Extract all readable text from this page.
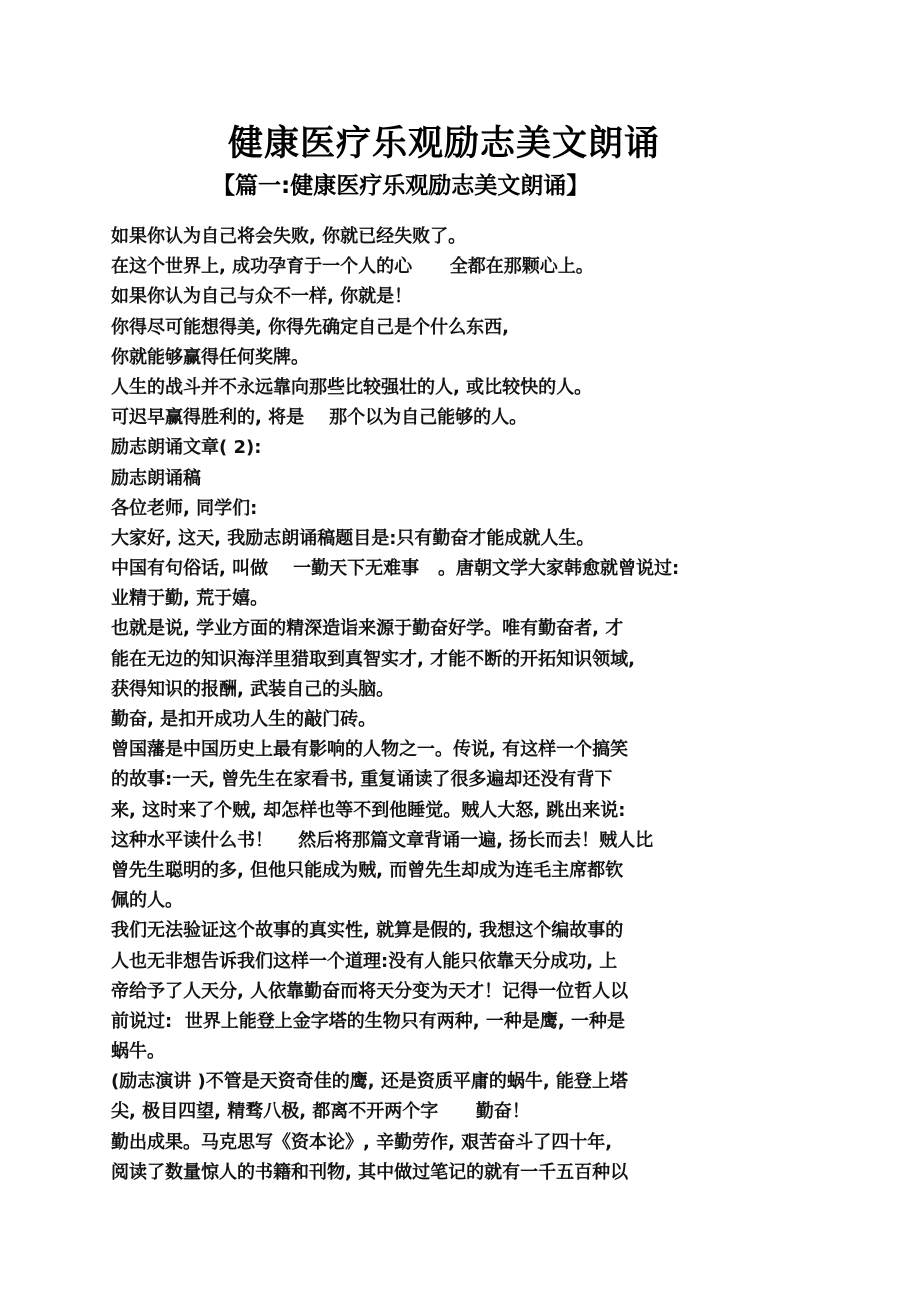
健康医疗乐观励志美文朗诵
【篇一:健康医疗乐观励志美文朗诵】
如果你认为自己将会失败, 你就已经失败了。
在这个世界上, 成功孕育于一个人的心      全都在那颗心上。
如果你认为自己与众不一样, 你就是！
你得尽可能想得美, 你得先确定自己是个什么东西,
你就能够赢得任何奖牌。
人生的战斗并不永远靠向那些比较强壮的人, 或比较快的人。
可迟早赢得胜利的, 将是    那个以为自己能够的人。
励志朗诵文章( 2):
励志朗诵稿
各位老师, 同学们:
大家好, 这天, 我励志朗诵稿题目是:只有勤奋才能成就人生。
中国有句俗话, 叫做    一勤天下无难事   。唐朝文学大家韩愈就曾说过:
业精于勤, 荒于嬉。
也就是说, 学业方面的精深造诣来源于勤奋好学。唯有勤奋者, 才
能在无边的知识海洋里猎取到真智实才, 才能不断的开拓知识领域,
获得知识的报酬, 武装自己的头脑。
勤奋, 是扣开成功人生的敲门砖。
曾国藩是中国历史上最有影响的人物之一。传说, 有这样一个搞笑
的故事:一天, 曾先生在家看书, 重复诵读了很多遍却还没有背下
来, 这时来了个贼, 却怎样也等不到他睡觉。贼人大怒, 跳出来说:
这种水平读什么书！    然后将那篇文章背诵一遍, 扬长而去！贼人比
曾先生聪明的多, 但他只能成为贼, 而曾先生却成为连毛主席都钦
佩的人。
我们无法验证这个故事的真实性, 就算是假的, 我想这个编故事的
人也无非想告诉我们这样一个道理:没有人能只依靠天分成功, 上
帝给予了人天分, 人依靠勤奋而将天分变为天才！记得一位哲人以
前说过:  世界上能登上金字塔的生物只有两种, 一种是鹰, 一种是
蜗牛。
(励志演讲 )不管是天资奇佳的鹰, 还是资质平庸的蜗牛, 能登上塔
尖, 极目四望, 精骛八极, 都离不开两个字      勤奋！
勤出成果。马克思写《资本论》, 辛勤劳作, 艰苦奋斗了四十年,
阅读了数量惊人的书籍和刊物, 其中做过笔记的就有一千五百种以
